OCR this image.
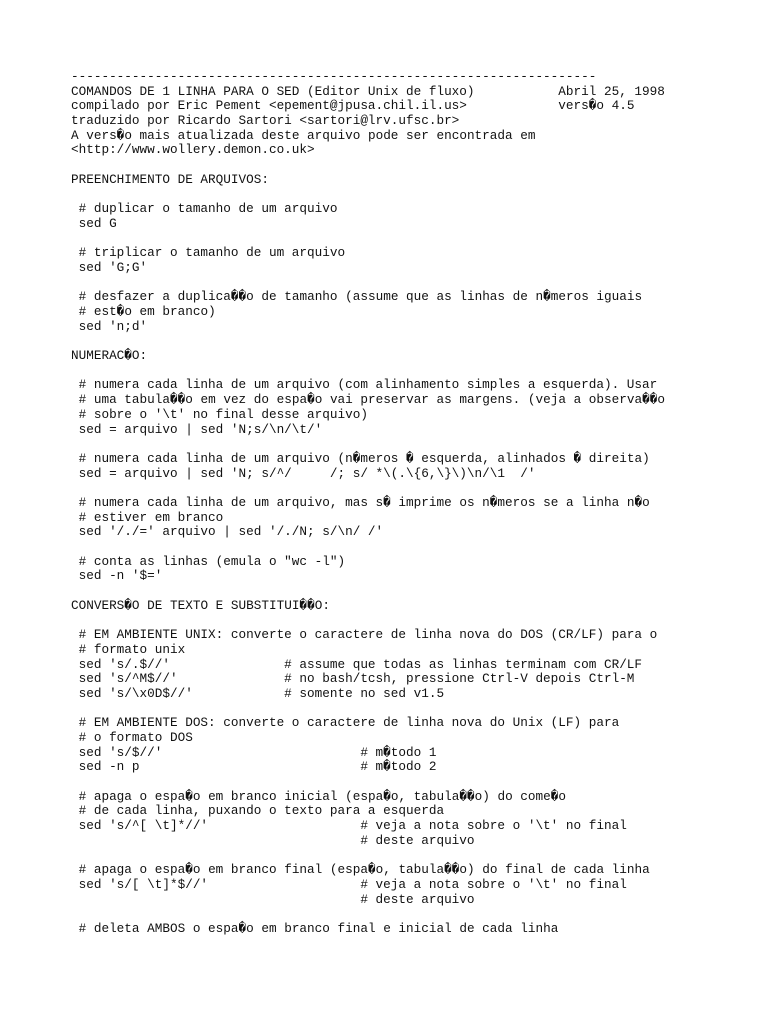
---------------------------------------------------------------------
COMANDOS DE 1 LINHA PARA O SED (Editor Unix de fluxo)           Abril 25, 1998
compilado por Eric Pement <epement@jpusa.chil.il.us>            vers�o 4.5
traduzido por Ricardo Sartori <sartori@lrv.ufsc.br>
A vers�o mais atualizada deste arquivo pode ser encontrada em
<http://www.wollery.demon.co.uk>
PREENCHIMENTO DE ARQUIVOS:
# duplicar o tamanho de um arquivo
sed G
# triplicar o tamanho de um arquivo
sed 'G;G'
# desfazer a duplica��o de tamanho (assume que as linhas de n�meros iguais
# est�o em branco)
sed 'n;d'
NUMERAC�O:
# numera cada linha de um arquivo (com alinhamento simples a esquerda). Usar
# uma tabula��o em vez do espa�o vai preservar as margens. (veja a observa��o
# sobre o '\t' no final desse arquivo)
sed = arquivo | sed 'N;s/\n/\t/'
# numera cada linha de um arquivo (n�meros � esquerda, alinhados � direita)
sed = arquivo | sed 'N; s/^/     /; s/ *\(.\{6,\}\)\n/\1  /'
# numera cada linha de um arquivo, mas s� imprime os n�meros se a linha n�o
# estiver em branco
sed '/./=' arquivo | sed '/./N; s/\n/ /'
# conta as linhas (emula o "wc -l")
sed -n '$='
CONVERS�O DE TEXTO E SUBSTITUI��O:
# EM AMBIENTE UNIX: converte o caractere de linha nova do DOS (CR/LF) para o
# formato unix
sed 's/.$//'               # assume que todas as linhas terminam com CR/LF
sed 's/^M$//'              # no bash/tcsh, pressione Ctrl-V depois Ctrl-M
sed 's/\x0D$//'            # somente no sed v1.5
# EM AMBIENTE DOS: converte o caractere de linha nova do Unix (LF) para
# o formato DOS
sed 's/$//'                          # m�todo 1
sed -n p                             # m�todo 2
# apaga o espa�o em branco inicial (espa�o, tabula��o) do come�o
# de cada linha, puxando o texto para a esquerda
sed 's/^[ \t]*//'                    # veja a nota sobre o '\t' no final
# deste arquivo
# apaga o espa�o em branco final (espa�o, tabula��o) do final de cada linha
sed 's/[ \t]*$//'                    # veja a nota sobre o '\t' no final
# deste arquivo
# deleta AMBOS o espa�o em branco final e inicial de cada linha
